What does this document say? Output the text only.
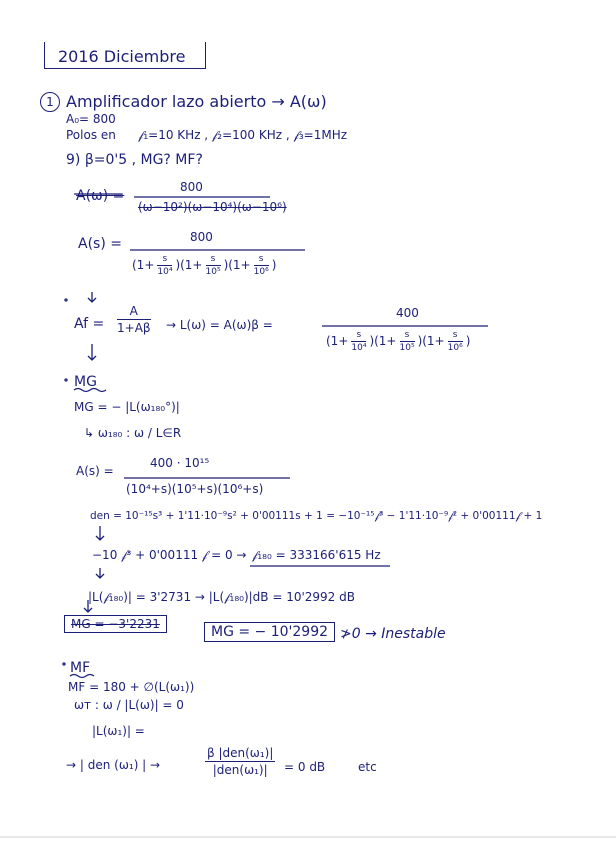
2016 Diciembre
1 Amplificador lazo abierto → A(ω)
A₀= 800
Polos en 𝒻₁=10 KHz , 𝒻₂=100 KHz , 𝒻₃=1MHz
9) β=0'5 , MG? MF?
A(ω) =
800
(ω−10²)(ω−10⁴)(ω−10⁶)
A(s) =	800
$(1+ \frac{s}{\text{10⁴}} )(1+ \frac{s}{\text{10⁵}} )(1+ \frac{s}{\text{10⁶}}$ )
$Af = \frac{A}{1+A\beta} \to L(\omega) = A(\omega)\beta$ =
400
$(1+ \frac{s}{\text{10⁴}} )(1+ \frac{s}{\text{10⁵}} )(1+ \frac{s}{\text{10⁶}}$ )
MG
MG = − |L(ω₁₈₀°)|
↳ ω₁₈₀ : ω / L∈R
A(s) =
400 · 10¹⁵
(10⁴+s)(10⁵+s)(10⁶+s)
den = 10⁻¹⁵s³ + 1'11·10⁻⁹s² + 0'00111s + 1 = −10⁻¹⁵𝒻³ − 1'11·10⁻⁹𝒻² + 0'00111𝒻 + 1
−10 𝒻³ + 0'00111 𝒻 = 0 → 𝒻₁₈₀ = 333166'615 Hz
|L(𝒻₁₈₀)| = 3'2731 → |L(𝒻₁₈₀)|dB = 10'2992 dB
MG = −3'2231	MG = − 10'2992 ≯0 → Inestable
MF
MF = 180 + ∅(L(ω₁))
ωт : ω / |L(ω)| = 0
|L(ω₁)| =
→ | den (ω₁) | →	$\frac{\text{β |den(ω₁)|}}{\text{|den(ω₁)|}} = 0$ dB	etc
